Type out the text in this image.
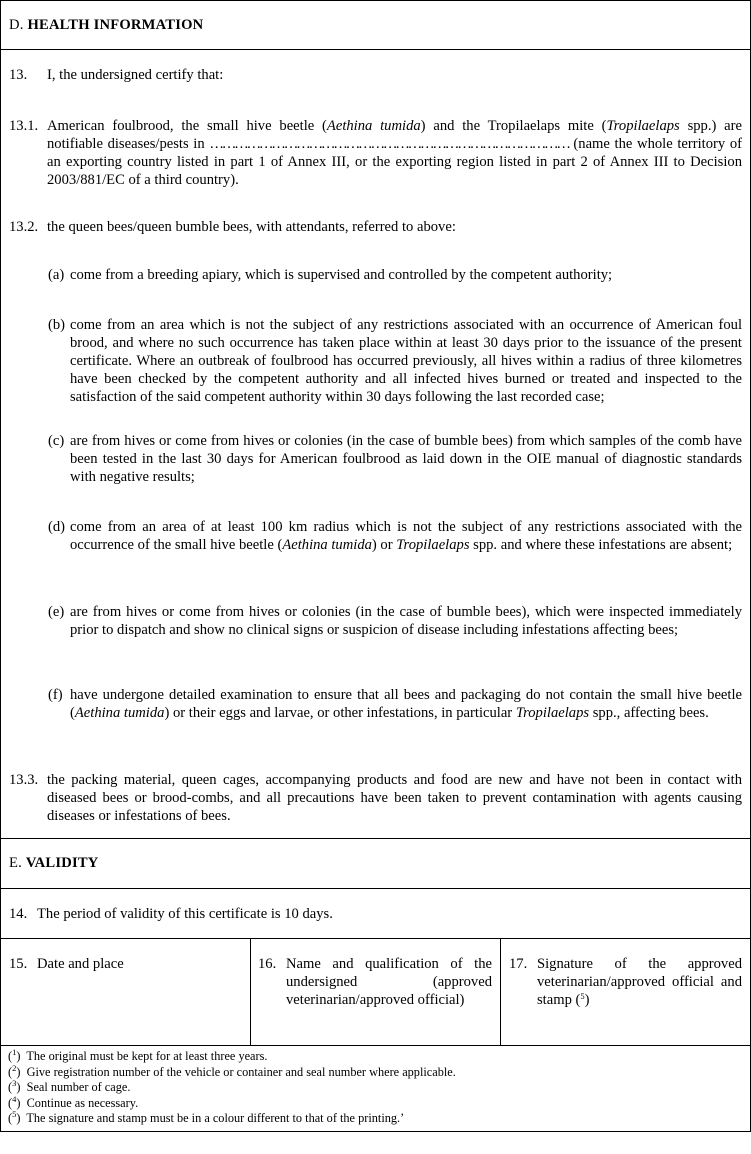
D. HEALTH INFORMATION
13. I, the undersigned certify that:
13.1. American foulbrood, the small hive beetle (Aethina tumida) and the Tropilaelaps mite (Tropilaelaps spp.) are notifiable diseases/pests in …………………………………………………………………………… (name the whole territory of an exporting country listed in part 1 of Annex III, or the exporting region listed in part 2 of Annex III to Decision 2003/881/EC of a third country).
13.2. the queen bees/queen bumble bees, with attendants, referred to above:
(a) come from a breeding apiary, which is supervised and controlled by the competent authority;
(b) come from an area which is not the subject of any restrictions associated with an occurrence of American foul brood, and where no such occurrence has taken place within at least 30 days prior to the issuance of the present certificate. Where an outbreak of foulbrood has occurred previously, all hives within a radius of three kilometres have been checked by the competent authority and all infected hives burned or treated and inspected to the satisfaction of the said competent authority within 30 days following the last recorded case;
(c) are from hives or come from hives or colonies (in the case of bumble bees) from which samples of the comb have been tested in the last 30 days for American foulbrood as laid down in the OIE manual of diagnostic standards with negative results;
(d) come from an area of at least 100 km radius which is not the subject of any restrictions associated with the occurrence of the small hive beetle (Aethina tumida) or Tropilaelaps spp. and where these infestations are absent;
(e) are from hives or come from hives or colonies (in the case of bumble bees), which were inspected immediately prior to dispatch and show no clinical signs or suspicion of disease including infestations affecting bees;
(f) have undergone detailed examination to ensure that all bees and packaging do not contain the small hive beetle (Aethina tumida) or their eggs and larvae, or other infestations, in particular Tropilaelaps spp., affecting bees.
13.3. the packing material, queen cages, accompanying products and food are new and have not been in contact with diseased bees or brood-combs, and all precautions have been taken to prevent contamination with agents causing diseases or infestations of bees.
E. VALIDITY
14. The period of validity of this certificate is 10 days.
15. Date and place	16. Name and qualification of the undersigned (approved veterinarian/approved official)
17. Signature of the approved veterinarian/approved official and stamp ($^5$)
($^1$)  The original must be kept for at least three years.
($^2$)  Give registration number of the vehicle or container and seal number where applicable.
($^3$)  Seal number of cage.
($^4$)  Continue as necessary.
($^5$)  The signature and stamp must be in a colour different to that of the printing.’
